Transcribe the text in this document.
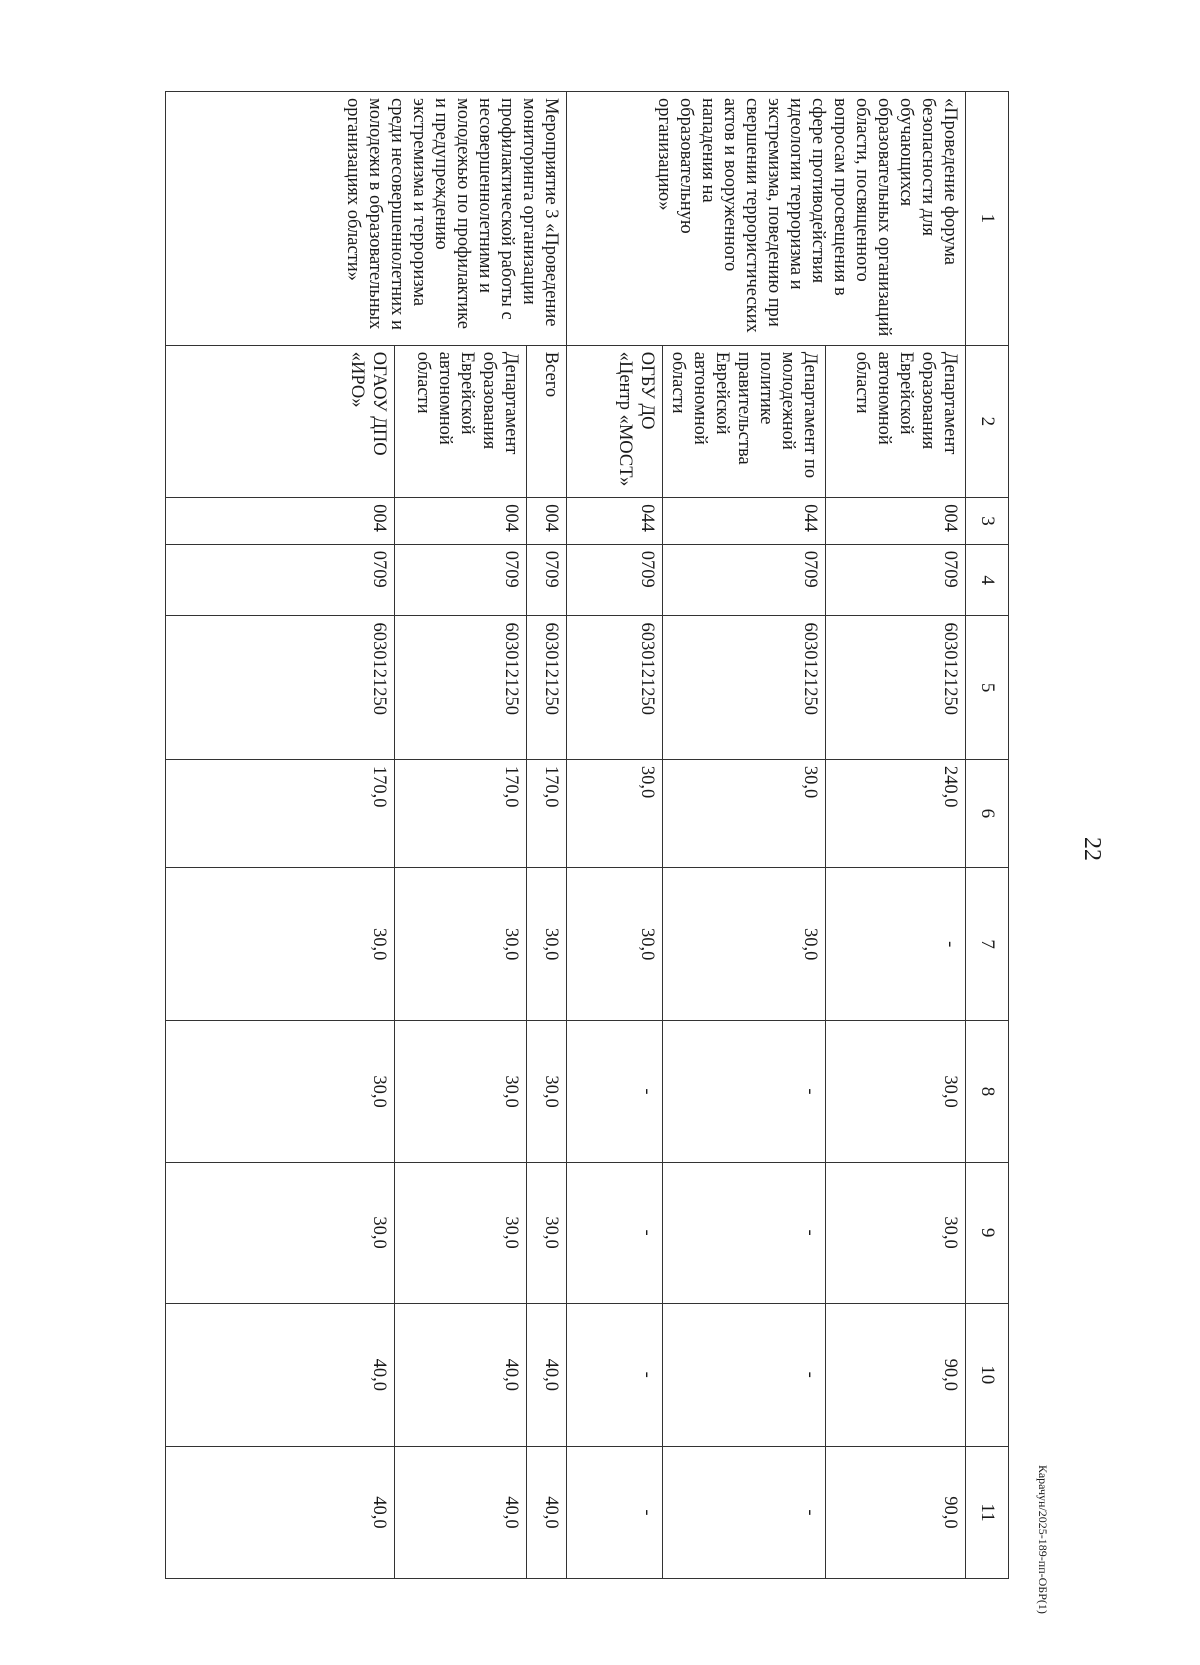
22
Карачун/2025-189-пп-ОБР(1)
1	2	3	4	5	6	7	8	9	10	11
«Проведение форума безопасности для обучающихся образовательных организаций области, посвященного вопросам просвещения в сфере противодействия идеологии терроризма и экстремизма, поведению при свершении террористических актов и вооруженного нападения на образовательную организацию»	Департамент образования Еврейской автономной области	004	0709	6030121250	240,0	-	30,0	30,0	90,0	90,0
	Департамент по молодежной политике правительства Еврейской автономной области	044	0709	6030121250	30,0	30,0	-	-	-	-
	ОГБУ ДО «Центр «МОСТ»	044	0709	6030121250	30,0	30,0	-	-	-	-
Мероприятие 3 «Проведение мониторинга организации профилактической работы с несовершеннолетними и молодежью по профилактике и предупреждению экстремизма и терроризма среди несовершеннолетних и молодежи в образовательных организациях области»	Всего	004	0709	6030121250	170,0	30,0	30,0	30,0	40,0	40,0
	Департамент образования Еврейской автономной области	004	0709	6030121250	170,0	30,0	30,0	30,0	40,0	40,0
	ОГАОУ ДПО «ИРО»	004	0709	6030121250	170,0	30,0	30,0	30,0	40,0	40,0
